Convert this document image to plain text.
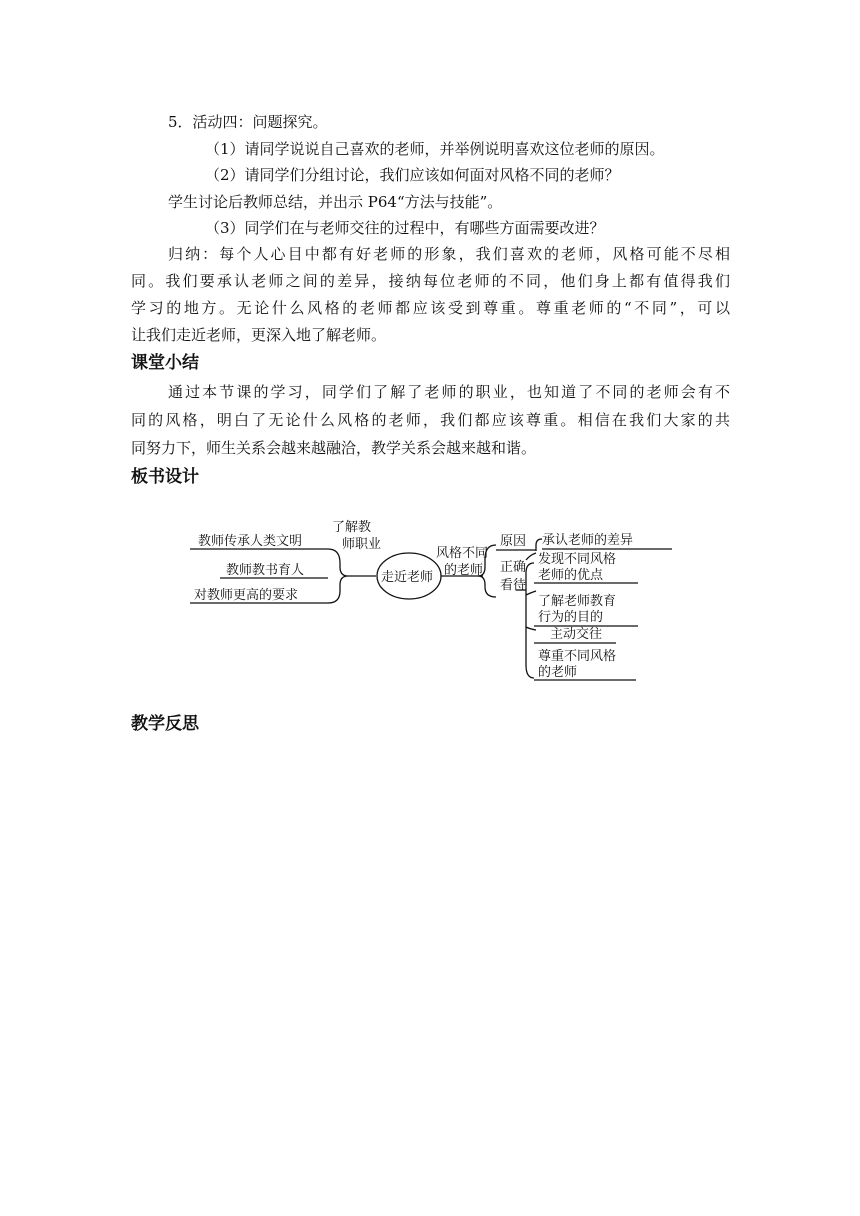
5．活动四：问题探究。
（1）请同学说说自己喜欢的老师，并举例说明喜欢这位老师的原因。
（2）请同学们分组讨论，我们应该如何面对风格不同的老师？
学生讨论后教师总结，并出示 P64“方法与技能”。
（3）同学们在与老师交往的过程中，有哪些方面需要改进？
归纳：每个人心目中都有好老师的形象，我们喜欢的老师，风格可能不尽相
同。我们要承认老师之间的差异，接纳每位老师的不同，他们身上都有值得我们
学习的地方。无论什么风格的老师都应该受到尊重。尊重老师的“不同”，可以
让我们走近老师，更深入地了解老师。
课堂小结
通过本节课的学习，同学们了解了老师的职业，也知道了不同的老师会有不
同的风格，明白了无论什么风格的老师，我们都应该尊重。相信在我们大家的共
同努力下，师生关系会越来越融洽，教学关系会越来越和谐。
板书设计
教师传承人类文明
教师教书育人
对教师更高的要求
了解教
师职业
走近老师
风格不同
的老师
原因 承认老师的差异
正确
看待
发现不同风格
老师的优点
了解老师教育
行为的目的
主动交往
尊重不同风格
的老师
教学反思
